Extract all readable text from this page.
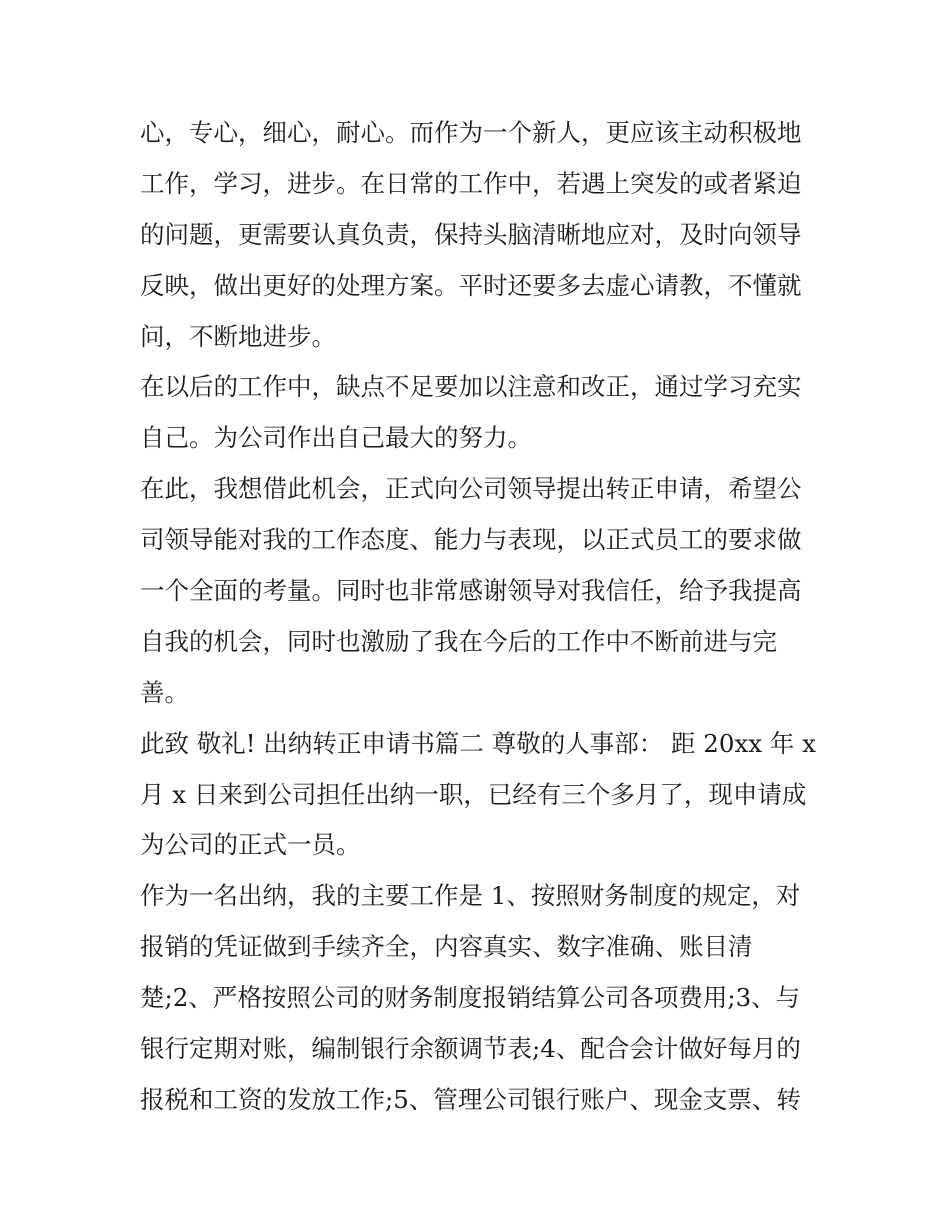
心，专心，细心，耐心。而作为一个新人，更应该主动积极地
工作，学习，进步。在日常的工作中，若遇上突发的或者紧迫
的问题，更需要认真负责，保持头脑清晰地应对，及时向领导
反映，做出更好的处理方案。平时还要多去虚心请教，不懂就
问，不断地进步。
在以后的工作中，缺点不足要加以注意和改正，通过学习充实
自己。为公司作出自己最大的努力。
在此，我想借此机会，正式向公司领导提出转正申请，希望公
司领导能对我的工作态度、能力与表现，以正式员工的要求做
一个全面的考量。同时也非常感谢领导对我信任，给予我提高
自我的机会，同时也激励了我在今后的工作中不断前进与完
善。
此致 敬礼! 出纳转正申请书篇二 尊敬的人事部： 距 20xx 年 x
月 x 日来到公司担任出纳一职，已经有三个多月了，现申请成
为公司的正式一员。
作为一名出纳，我的主要工作是 1、按照财务制度的规定，对
报销的凭证做到手续齐全，内容真实、数字准确、账目清
楚;2、严格按照公司的财务制度报销结算公司各项费用;3、与
银行定期对账，编制银行余额调节表;4、配合会计做好每月的
报税和工资的发放工作;5、管理公司银行账户、现金支票、转
